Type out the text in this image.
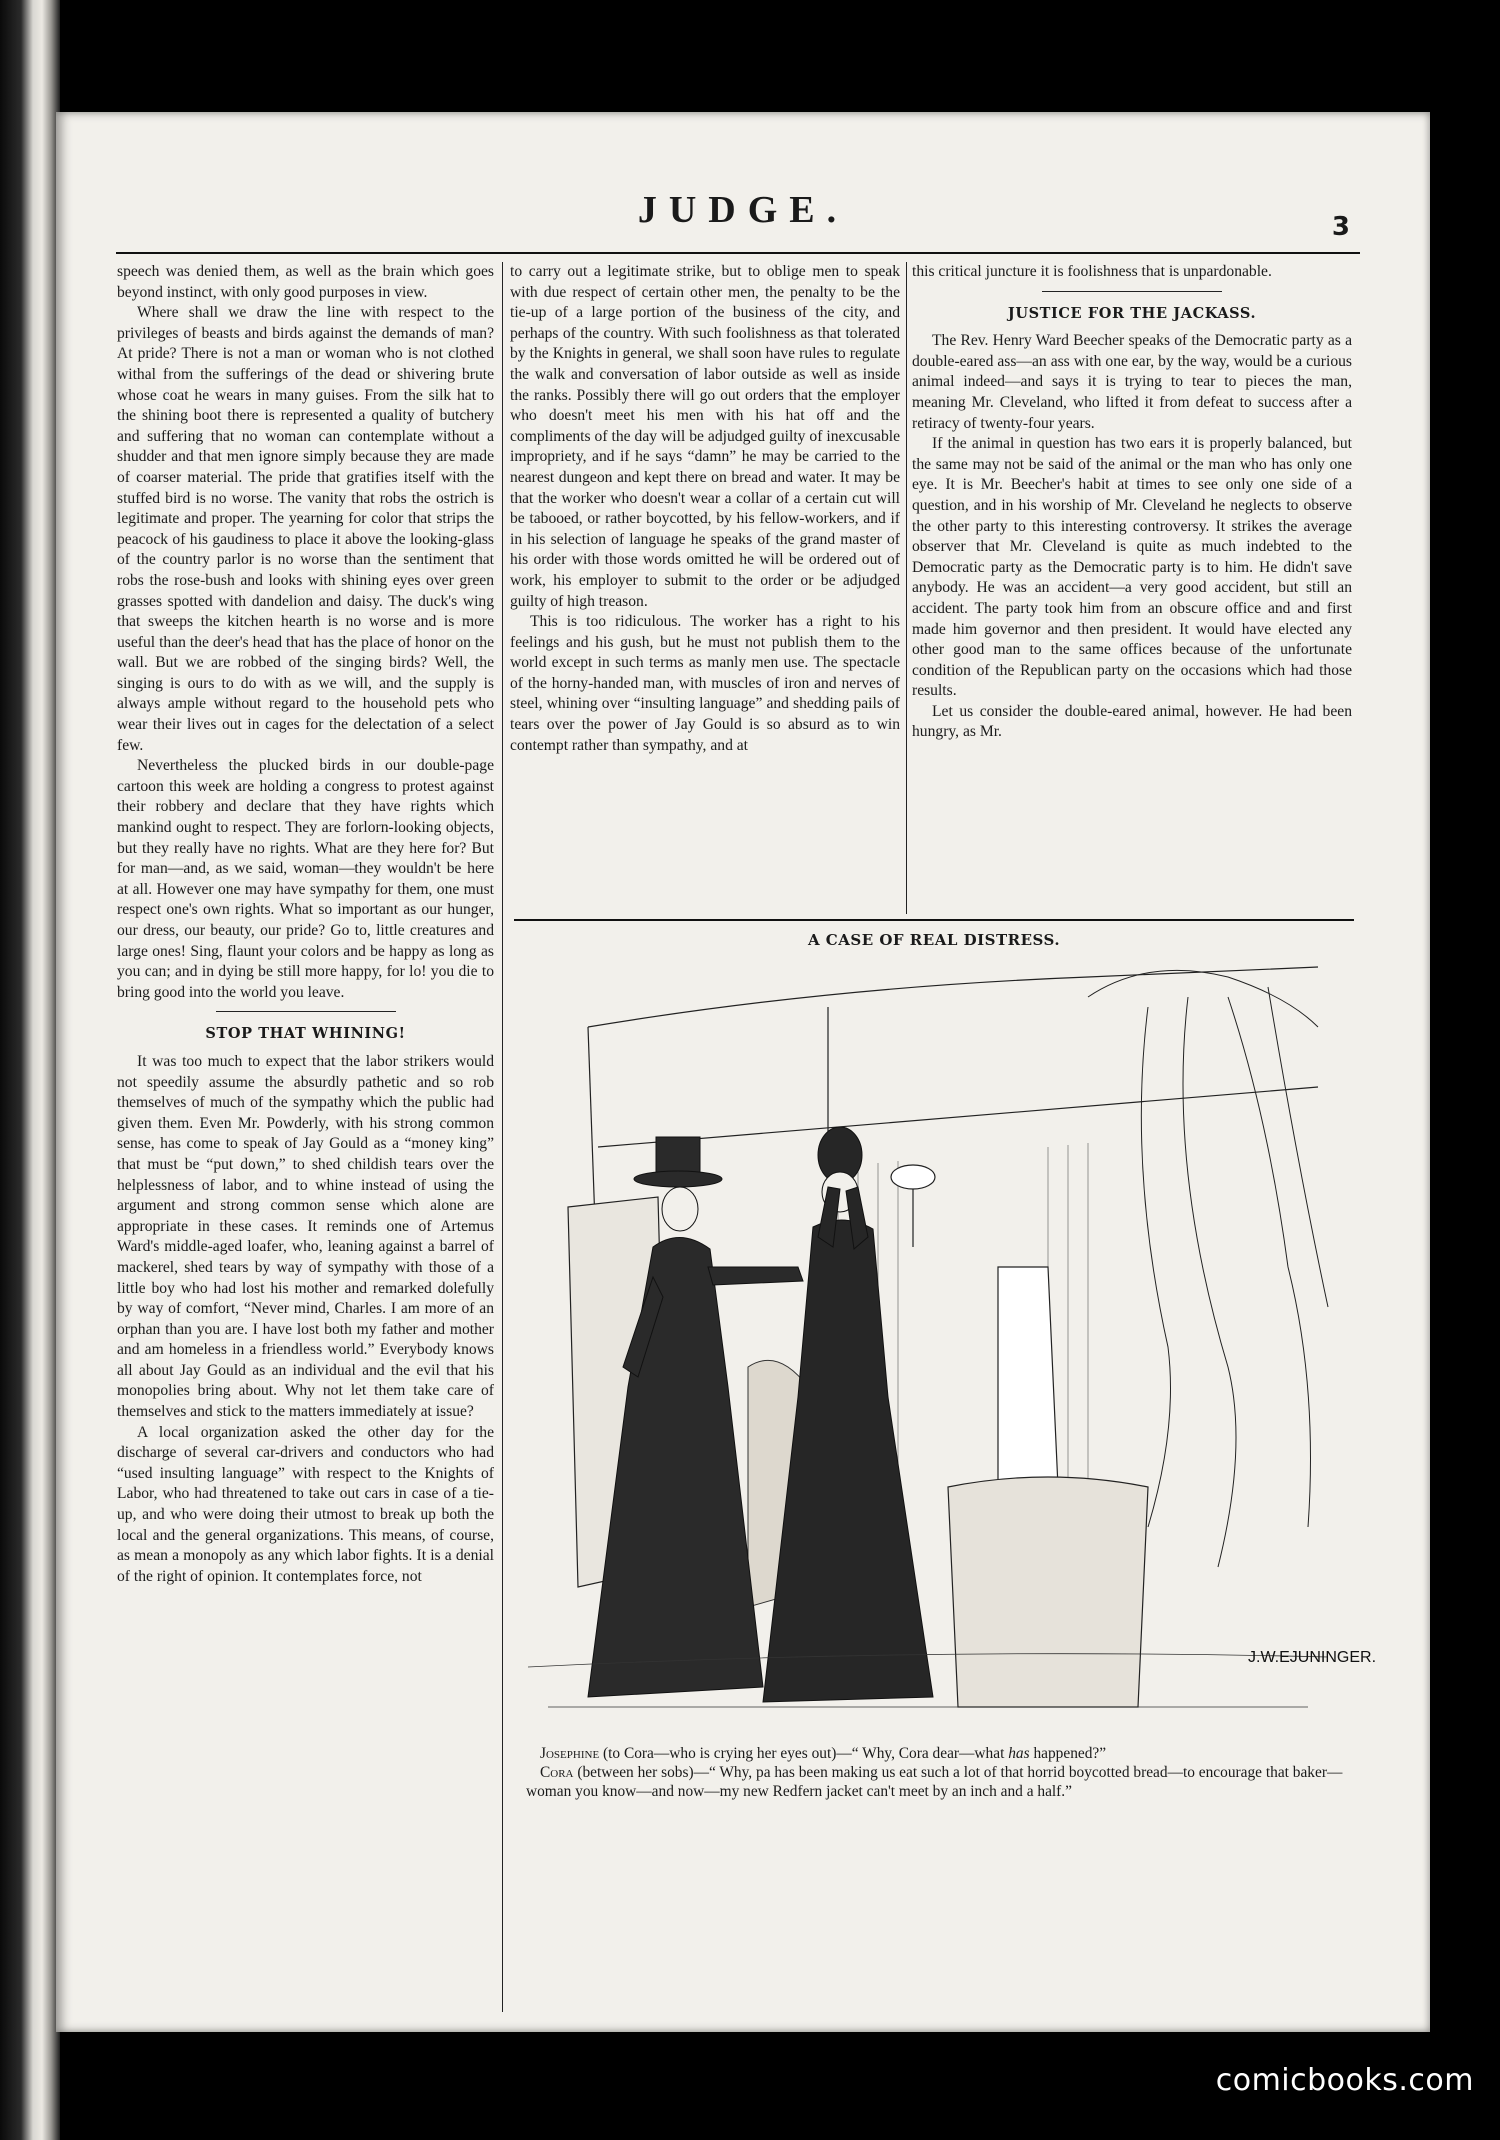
JUDGE.	3

speech was denied them, as well as the brain which goes beyond instinct, with only good purposes in view.

Where shall we draw the line with respect to the privileges of beasts and birds against the demands of man? At pride? There is not a man or woman who is not clothed withal from the sufferings of the dead or shivering brute whose coat he wears in many guises. From the silk hat to the shining boot there is represented a quality of butchery and suffering that no woman can contemplate without a shudder and that men ignore simply because they are made of coarser material. The pride that gratifies itself with the stuffed bird is no worse. The vanity that robs the ostrich is legitimate and proper. The yearning for color that strips the peacock of his gaudiness to place it above the looking-glass of the country parlor is no worse than the sentiment that robs the rose-bush and looks with shining eyes over green grasses spotted with dandelion and daisy. The duck's wing that sweeps the kitchen hearth is no worse and is more useful than the deer's head that has the place of honor on the wall. But we are robbed of the singing birds? Well, the singing is ours to do with as we will, and the supply is always ample without regard to the household pets who wear their lives out in cages for the delectation of a select few.

Nevertheless the plucked birds in our double-page cartoon this week are holding a congress to protest against their robbery and declare that they have rights which mankind ought to respect. They are forlorn-looking objects, but they really have no rights. What are they here for? But for man—and, as we said, woman—they wouldn't be here at all. However one may have sympathy for them, one must respect one's own rights. What so important as our hunger, our dress, our beauty, our pride? Go to, little creatures and large ones! Sing, flaunt your colors and be happy as long as you can; and in dying be still more happy, for lo! you die to bring good into the world you leave.

STOP THAT WHINING!

It was too much to expect that the labor strikers would not speedily assume the absurdly pathetic and so rob themselves of much of the sympathy which the public had given them. Even Mr. Powderly, with his strong common sense, has come to speak of Jay Gould as a “money king” that must be “put down,” to shed childish tears over the helplessness of labor, and to whine instead of using the argument and strong common sense which alone are appropriate in these cases. It reminds one of Artemus Ward's middle-aged loafer, who, leaning against a barrel of mackerel, shed tears by way of sympathy with those of a little boy who had lost his mother and remarked dolefully by way of comfort, “Never mind, Charles. I am more of an orphan than you are. I have lost both my father and mother and am homeless in a friendless world.” Everybody knows all about Jay Gould as an individual and the evil that his monopolies bring about. Why not let them take care of themselves and stick to the matters immediately at issue?

A local organization asked the other day for the discharge of several car-drivers and conductors who had “used insulting language” with respect to the Knights of Labor, who had threatened to take out cars in case of a tie-up, and who were doing their utmost to break up both the local and the general organizations. This means, of course, as mean a monopoly as any which labor fights. It is a denial of the right of opinion. It contemplates force, not

to carry out a legitimate strike, but to oblige men to speak with due respect of certain other men, the penalty to be the tie-up of a large portion of the business of the city, and perhaps of the country. With such foolishness as that tolerated by the Knights in general, we shall soon have rules to regulate the walk and conversation of labor outside as well as inside the ranks. Possibly there will go out orders that the employer who doesn't meet his men with his hat off and the compliments of the day will be adjudged guilty of inexcusable impropriety, and if he says “damn” he may be carried to the nearest dungeon and kept there on bread and water. It may be that the worker who doesn't wear a collar of a certain cut will be tabooed, or rather boycotted, by his fellow-workers, and if in his selection of language he speaks of the grand master of his order with those words omitted he will be ordered out of work, his employer to submit to the order or be adjudged guilty of high treason.

This is too ridiculous. The worker has a right to his feelings and his gush, but he must not publish them to the world except in such terms as manly men use. The spectacle of the horny-handed man, with muscles of iron and nerves of steel, whining over “insulting language” and shedding pails of tears over the power of Jay Gould is so absurd as to win contempt rather than sympathy, and at

this critical juncture it is foolishness that is unpardonable.

JUSTICE FOR THE JACKASS.

The Rev. Henry Ward Beecher speaks of the Democratic party as a double-eared ass—an ass with one ear, by the way, would be a curious animal indeed—and says it is trying to tear to pieces the man, meaning Mr. Cleveland, who lifted it from defeat to success after a retiracy of twenty-four years.

If the animal in question has two ears it is properly balanced, but the same may not be said of the animal or the man who has only one eye. It is Mr. Beecher's habit at times to see only one side of a question, and in his worship of Mr. Cleveland he neglects to observe the other party to this interesting controversy. It strikes the average observer that Mr. Cleveland is quite as much indebted to the Democratic party as the Democratic party is to him. He didn't save anybody. He was an accident—a very good accident, but still an accident. The party took him from an obscure office and and first made him governor and then president. It would have elected any other good man to the same offices because of the unfortunate condition of the Republican party on the occasions which had those results.

Let us consider the double-eared animal, however. He had been hungry, as Mr.

A CASE OF REAL DISTRESS.
J.W.EJUNINGER.

Josephine (to Cora—who is crying her eyes out)—“ Why, Cora dear—what has happened?”

Cora (between her sobs)—“ Why, pa has been making us eat such a lot of that horrid boycotted bread—to encourage that baker—woman you know—and now—my new Redfern jacket can't meet by an inch and a half.”

comicbooks.com
